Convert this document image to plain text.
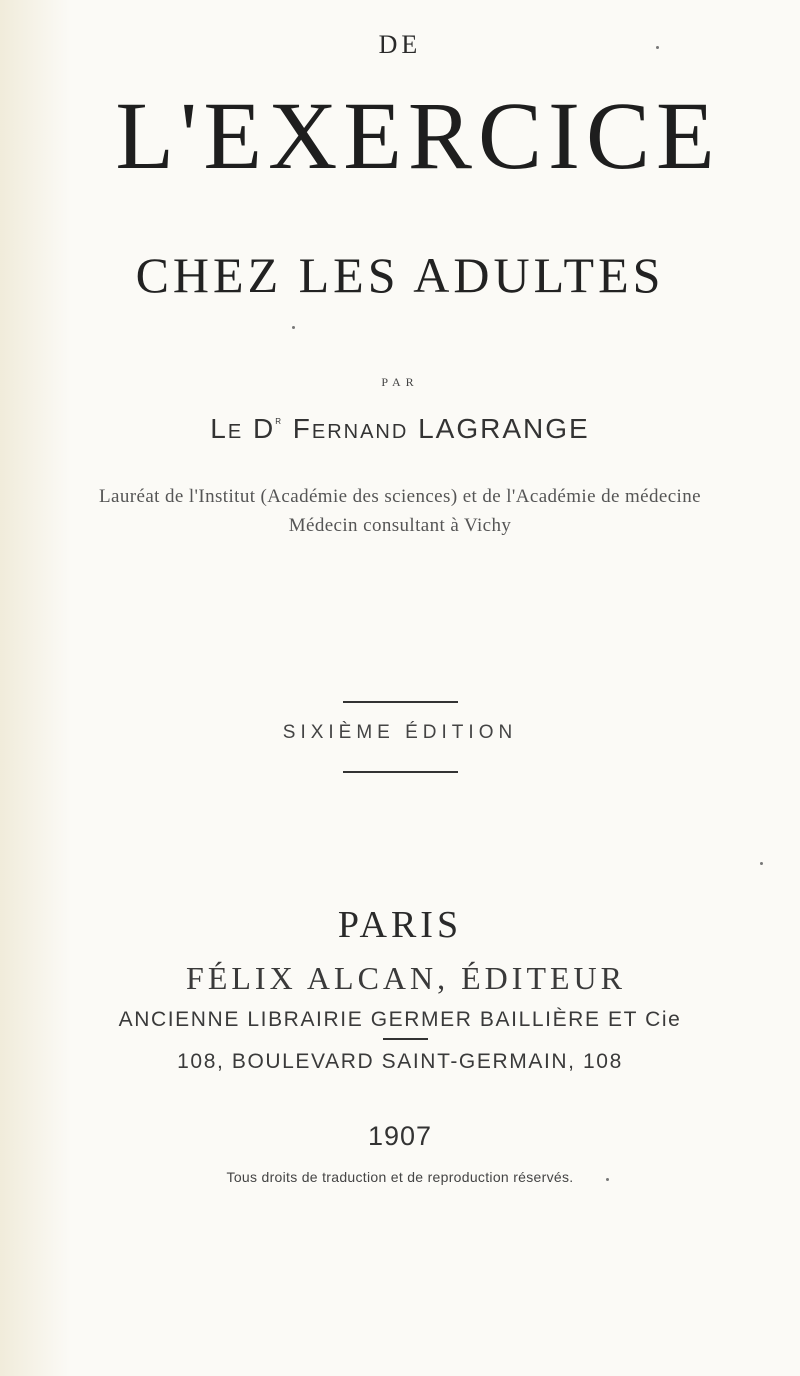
DE
L'EXERCICE
CHEZ LES ADULTES
PAR
Le $D^r$ Fernand LAGRANGE
Lauréat de l'Institut (Académie des sciences) et de l'Académie de médecine
Médecin consultant à Vichy
SIXIÈME ÉDITION
PARIS
FÉLIX ALCAN, ÉDITEUR
ANCIENNE LIBRAIRIE GERMER BAILLIÈRE ET Cie
108, BOULEVARD SAINT-GERMAIN, 108
1907
Tous droits de traduction et de reproduction réservés.
